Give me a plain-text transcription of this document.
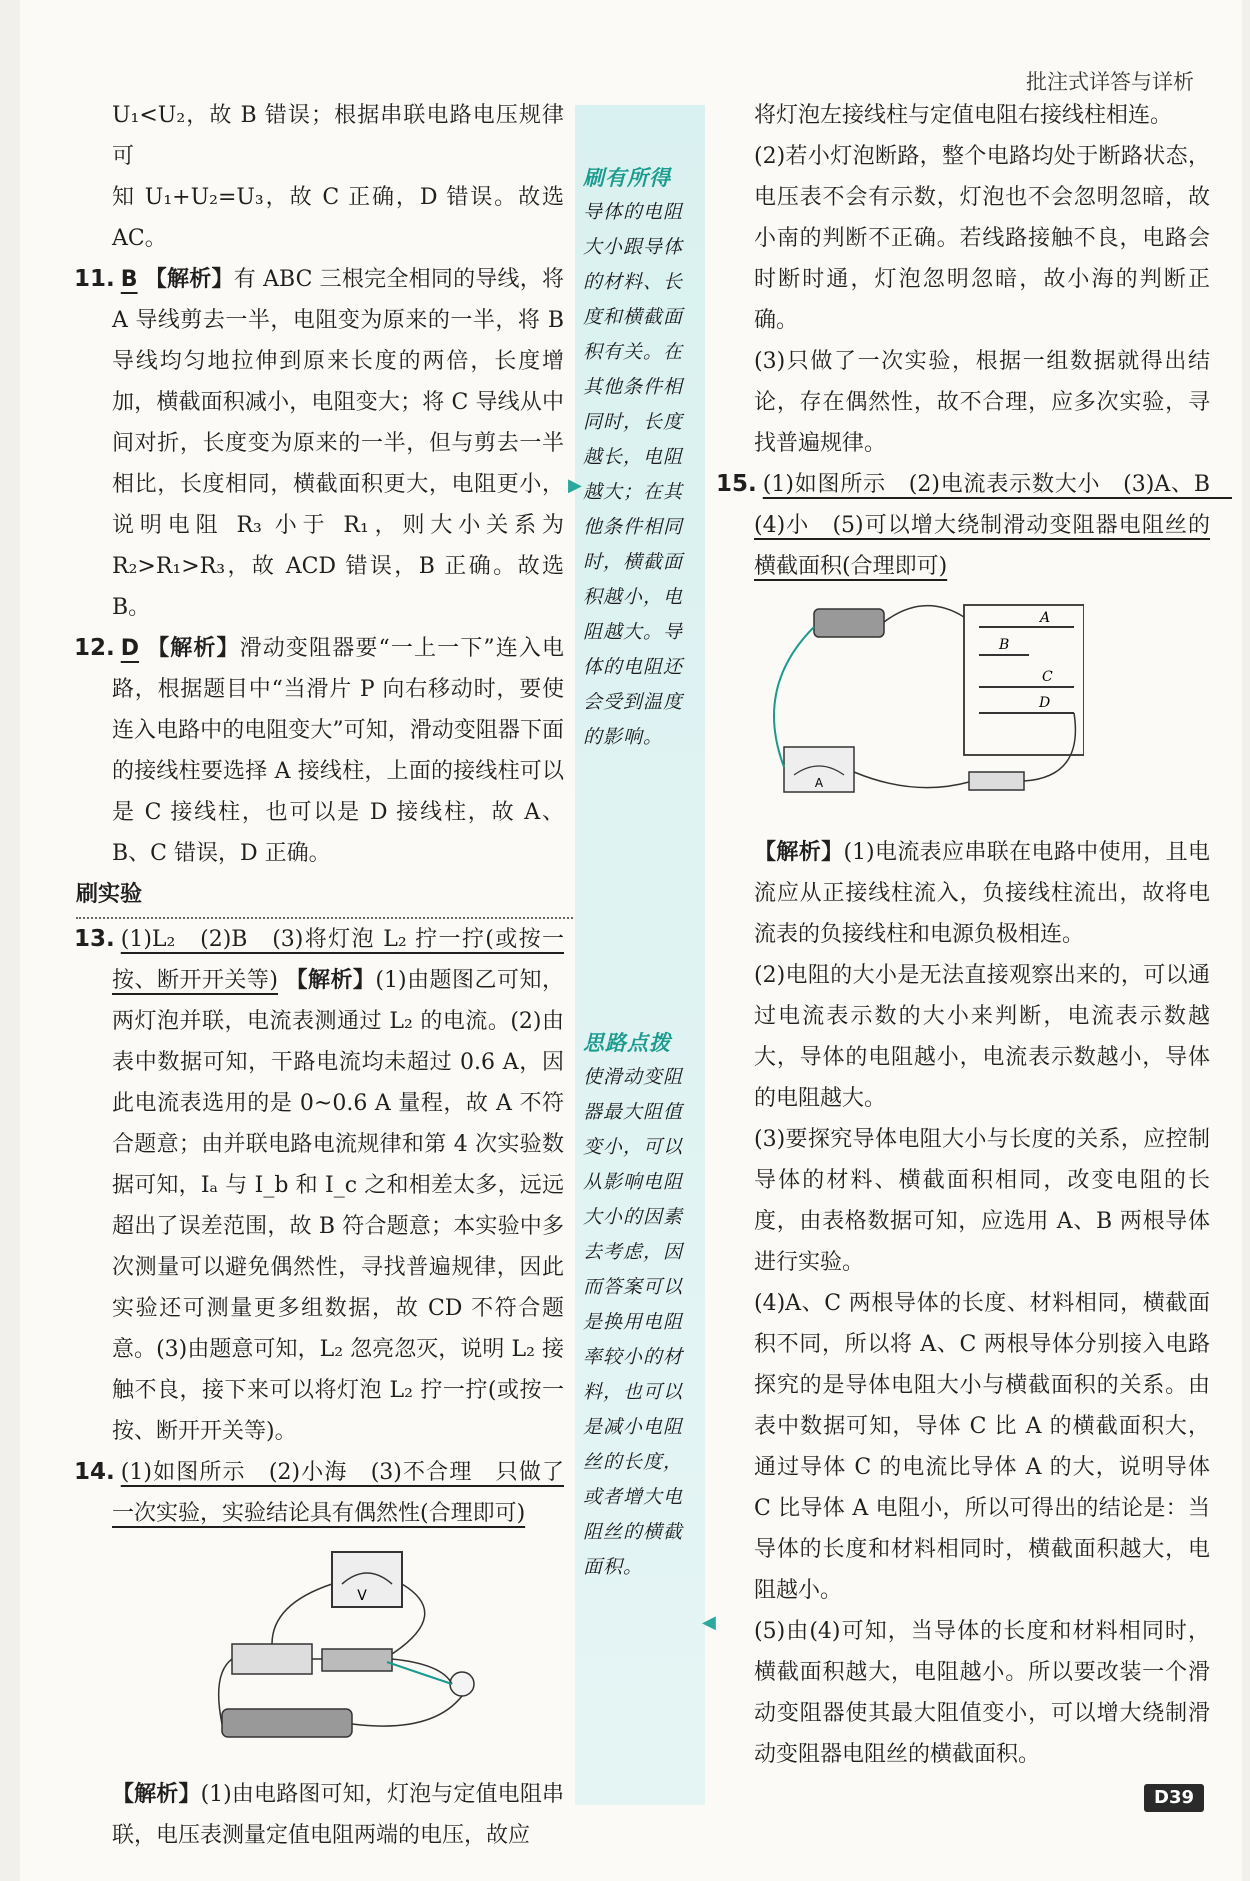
批注式详答与详析

U₁<U₂，故 B 错误；根据串联电路电压规律可

知 U₁+U₂=U₃，故 C 正确，D 错误。故选 AC。

11. B 【解析】有 ABC 三根完全相同的导线，将 A 导线剪去一半，电阻变为原来的一半，将 B 导线均匀地拉伸到原来长度的两倍，长度增加，横截面积减小，电阻变大；将 C 导线从中间对折，长度变为原来的一半，但与剪去一半相比，长度相同，横截面积更大，电阻更小，说明电阻 R₃ 小于 R₁，则大小关系为 R₂>R₁>R₃，故 ACD 错误，B 正确。故选 B。

12. D 【解析】滑动变阻器要“一上一下”连入电路，根据题目中“当滑片 P 向右移动时，要使连入电路中的电阻变大”可知，滑动变阻器下面的接线柱要选择 A 接线柱，上面的接线柱可以是 C 接线柱，也可以是 D 接线柱，故 A、B、C 错误，D 正确。

刷实验

13. (1)L₂　(2)B　(3)将灯泡 L₂ 拧一拧(或按一按、断开开关等) 【解析】(1)由题图乙可知，两灯泡并联，电流表测通过 L₂ 的电流。(2)由表中数据可知，干路电流均未超过 0.6 A，因此电流表选用的是 0~0.6 A 量程，故 A 不符合题意；由并联电路电流规律和第 4 次实验数据可知，Iₐ 与 I_b 和 I_c 之和相差太多，远远超出了误差范围，故 B 符合题意；本实验中多次测量可以避免偶然性，寻找普遍规律，因此实验还可测量更多组数据，故 CD 不符合题意。(3)由题意可知，L₂ 忽亮忽灭，说明 L₂ 接触不良，接下来可以将灯泡 L₂ 拧一拧(或按一按、断开开关等)。

14. (1)如图所示　(2)小海　(3)不合理　只做了一次实验，实验结论具有偶然性(合理即可)

V

【解析】(1)由电路图可知，灯泡与定值电阻串联，电压表测量定值电阻两端的电压，故应

刷有所得
导体的电阻大小跟导体的材料、长度和横截面积有关。在其他条件相同时，长度越长，电阻越大；在其他条件相同时，横截面积越小，电阻越大。导体的电阻还会受到温度的影响。
思路点拨
使滑动变阻器最大阻值变小，可以从影响电阻大小的因素去考虑，因而答案可以是换用电阻率较小的材料，也可以是减小电阻丝的长度，或者增大电阻丝的横截面积。
▶
◀

将灯泡左接线柱与定值电阻右接线柱相连。

(2)若小灯泡断路，整个电路均处于断路状态，电压表不会有示数，灯泡也不会忽明忽暗，故小南的判断不正确。若线路接触不良，电路会时断时通，灯泡忽明忽暗，故小海的判断正确。

(3)只做了一次实验，根据一组数据就得出结论，存在偶然性，故不合理，应多次实验，寻找普遍规律。

15. (1)如图所示　(2)电流表示数大小　(3)A、B　(4)小　(5)可以增大绕制滑动变阻器电阻丝的横截面积(合理即可)

A
B
C
D
A

【解析】(1)电流表应串联在电路中使用，且电流应从正接线柱流入，负接线柱流出，故将电流表的负接线柱和电源负极相连。

(2)电阻的大小是无法直接观察出来的，可以通过电流表示数的大小来判断，电流表示数越大，导体的电阻越小，电流表示数越小，导体的电阻越大。

(3)要探究导体电阻大小与长度的关系，应控制导体的材料、横截面积相同，改变电阻的长度，由表格数据可知，应选用 A、B 两根导体进行实验。

(4)A、C 两根导体的长度、材料相同，横截面积不同，所以将 A、C 两根导体分别接入电路探究的是导体电阻大小与横截面积的关系。由表中数据可知，导体 C 比 A 的横截面积大，通过导体 C 的电流比导体 A 的大，说明导体 C 比导体 A 电阻小，所以可得出的结论是：当导体的长度和材料相同时，横截面积越大，电阻越小。

(5)由(4)可知，当导体的长度和材料相同时，横截面积越大，电阻越小。所以要改装一个滑动变阻器使其最大阻值变小，可以增大绕制滑动变阻器电阻丝的横截面积。

D39
